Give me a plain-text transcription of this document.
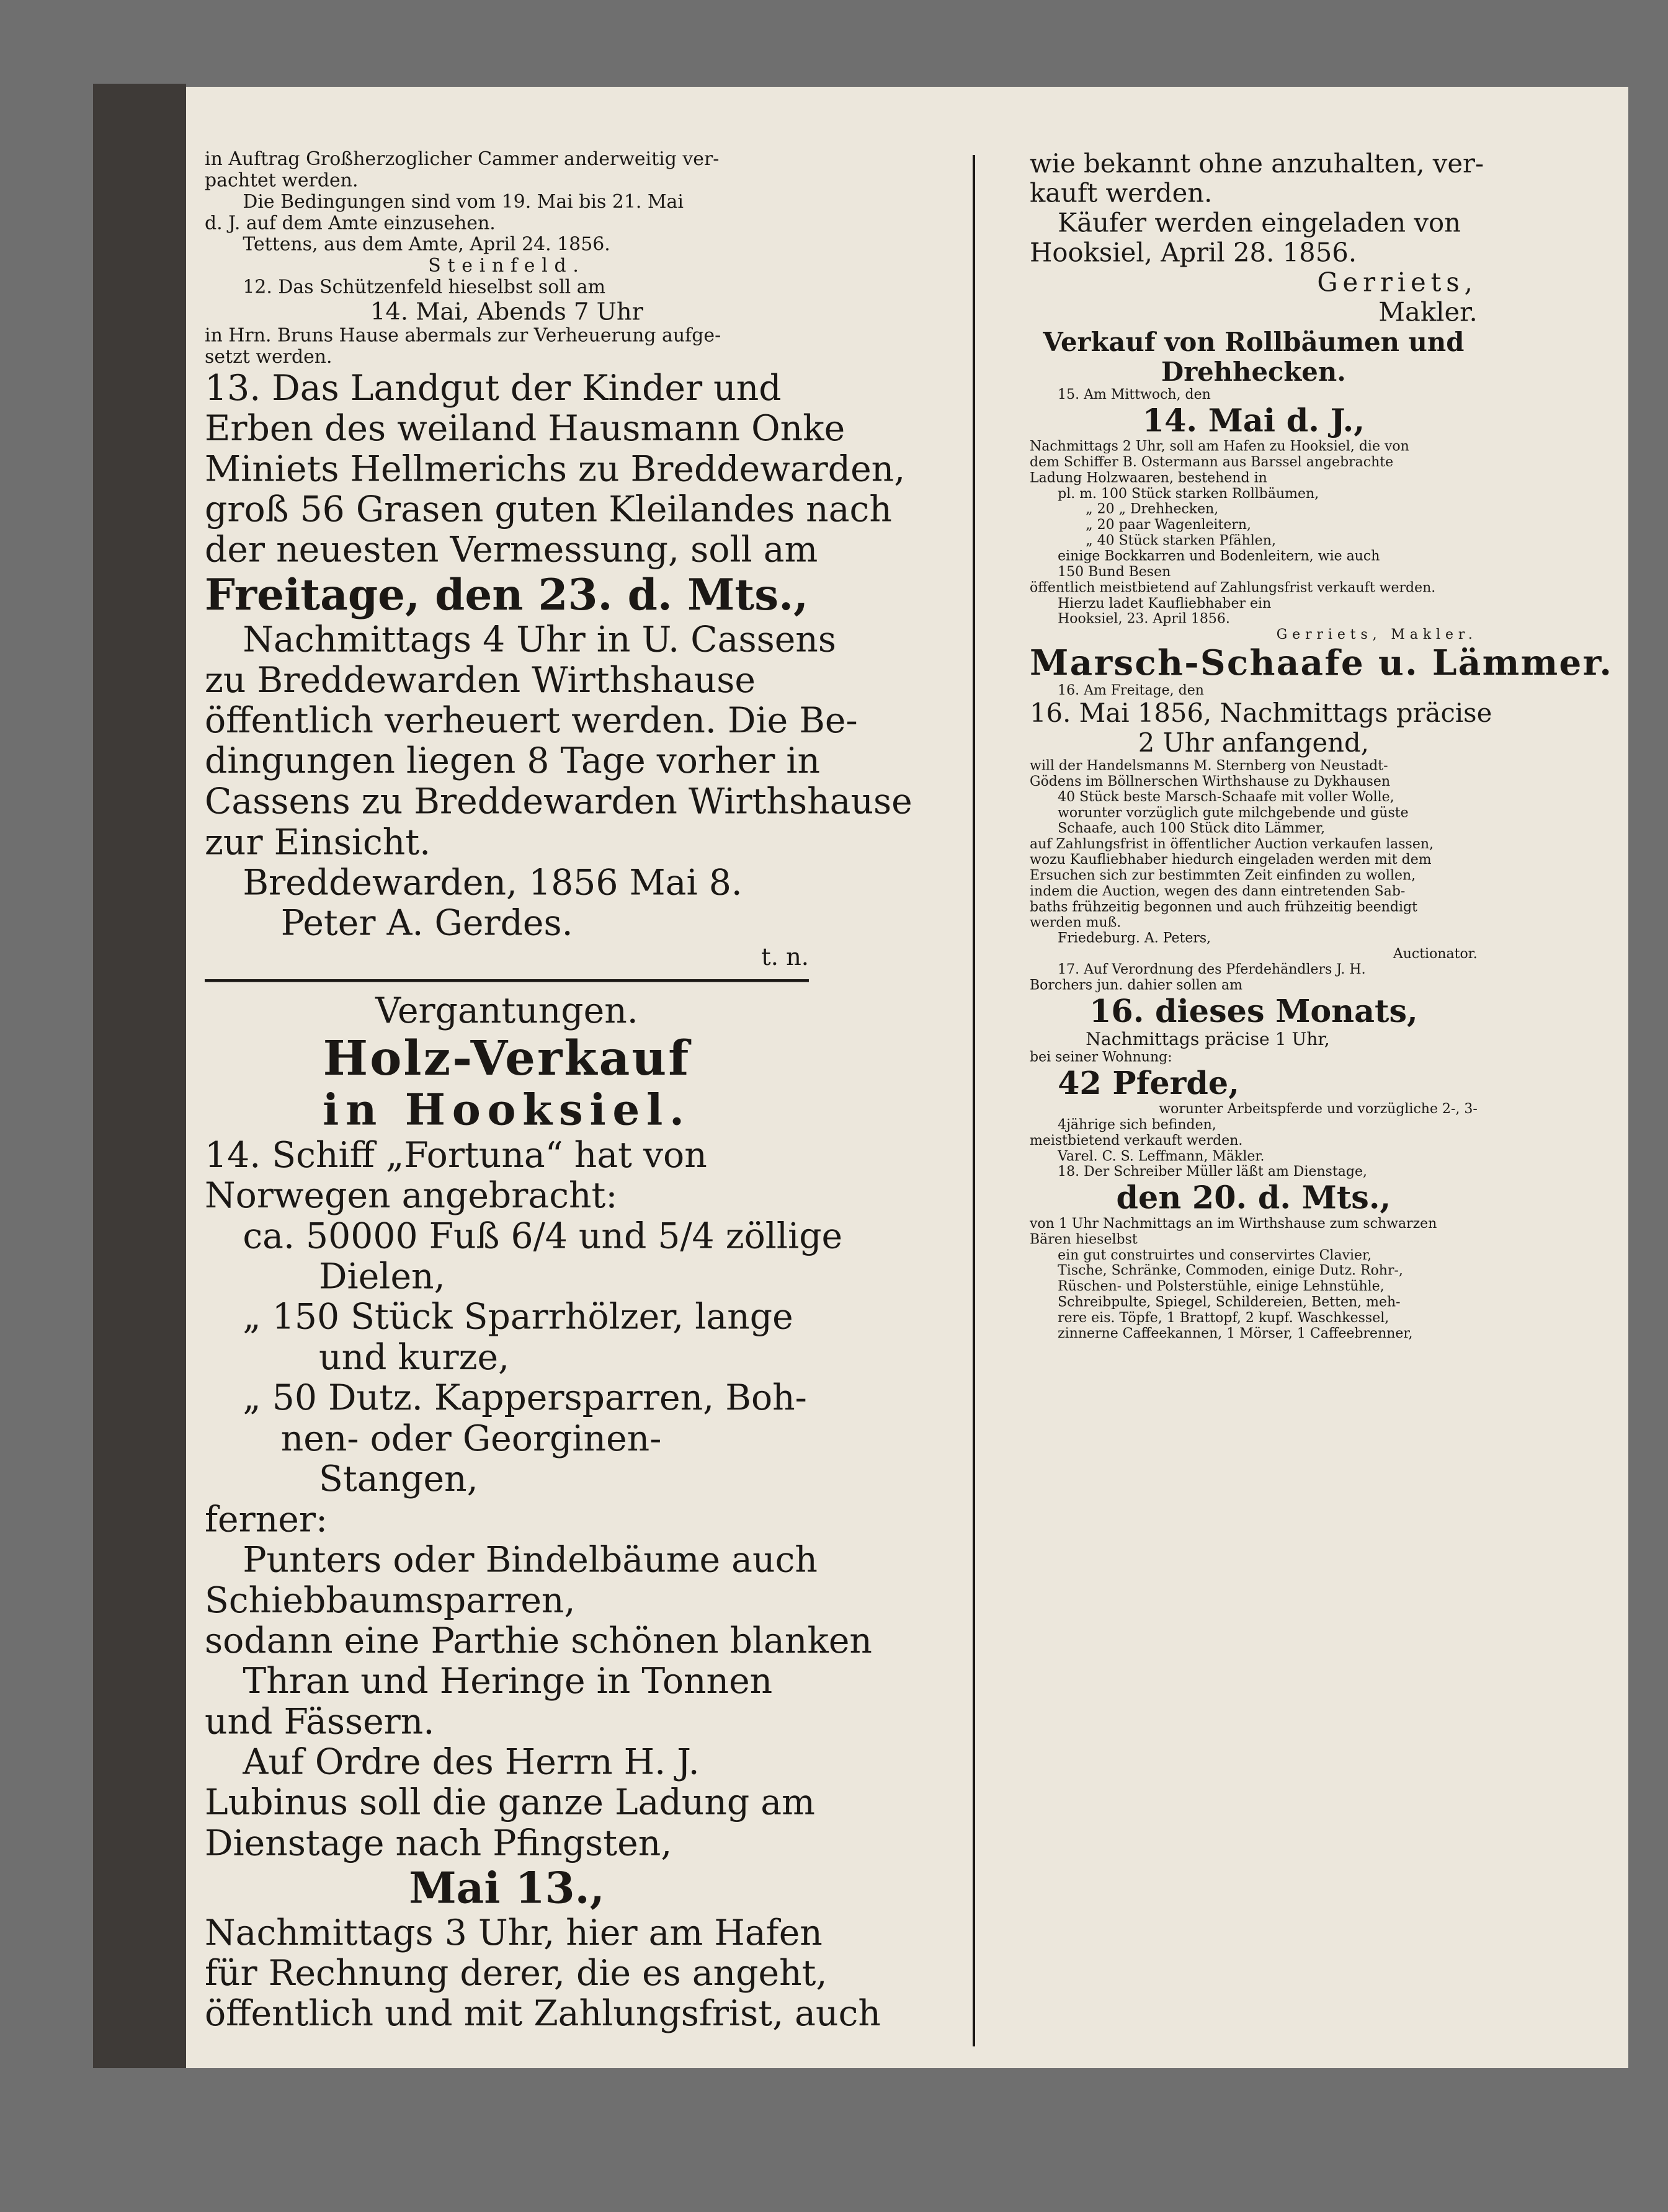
in Auftrag Großherzoglicher Cammer anderweitig ver-
pachtet werden.
Die Bedingungen sind vom 19. Mai bis 21. Mai
d. J. auf dem Amte einzusehen.
Tettens, aus dem Amte, April 24. 1856.
Steinfeld.
12. Das Schützenfeld hieselbst soll am
14. Mai, Abends 7 Uhr
in Hrn. Bruns Hause abermals zur Verheuerung aufge-
setzt werden.
13. Das Landgut der Kinder und
Erben des weiland Hausmann Onke
Miniets Hellmerichs zu Breddewarden,
groß 56 Grasen guten Kleilandes nach
der neuesten Vermessung, soll am
Freitage, den 23. d. Mts.,
Nachmittags 4 Uhr in U. Cassens
zu Breddewarden Wirthshause
öffentlich verheuert werden. Die Be-
dingungen liegen 8 Tage vorher in
Cassens zu Breddewarden Wirthshause
zur Einsicht.
Breddewarden, 1856 Mai 8.
Peter A. Gerdes.
t. n.
Vergantungen.
Holz-Verkauf
in Hooksiel.
14. Schiff „Fortuna“ hat von
Norwegen angebracht:
ca. 50000 Fuß 6/4 und 5/4 zöllige
Dielen,
„ 150 Stück Sparrhölzer, lange
und kurze,
„ 50 Dutz. Kappersparren, Boh-
nen- oder Georginen-
Stangen,
ferner:
Punters oder Bindelbäume auch
Schiebbaumsparren,
sodann eine Parthie schönen blanken
Thran und Heringe in Tonnen
und Fässern.
Auf Ordre des Herrn H. J.
Lubinus soll die ganze Ladung am
Dienstage nach Pfingsten,
Mai 13.,
Nachmittags 3 Uhr, hier am Hafen
für Rechnung derer, die es angeht,
öffentlich und mit Zahlungsfrist, auch
wie bekannt ohne anzuhalten, ver-
kauft werden.
Käufer werden eingeladen von
Hooksiel, April 28. 1856.
Gerriets,
Makler.
Verkauf von Rollbäumen und
Drehhecken.
15. Am Mittwoch, den
14. Mai d. J.,
Nachmittags 2 Uhr, soll am Hafen zu Hooksiel, die von
dem Schiffer B. Ostermann aus Barssel angebrachte
Ladung Holzwaaren, bestehend in
pl. m. 100 Stück starken Rollbäumen,
„ 20 „ Drehhecken,
„ 20 paar Wagenleitern,
„ 40 Stück starken Pfählen,
einige Bockkarren und Bodenleitern, wie auch
150 Bund Besen
öffentlich meistbietend auf Zahlungsfrist verkauft werden.
Hierzu ladet Kaufliebhaber ein
Hooksiel, 23. April 1856.
Gerriets, Makler.
Marsch-Schaafe u. Lämmer.
16. Am Freitage, den
16. Mai 1856, Nachmittags präcise
2 Uhr anfangend,
will der Handelsmanns M. Sternberg von Neustadt-
Gödens im Böllnerschen Wirthshause zu Dykhausen
40 Stück beste Marsch-Schaafe mit voller Wolle,
worunter vorzüglich gute milchgebende und güste
Schaafe, auch 100 Stück dito Lämmer,
auf Zahlungsfrist in öffentlicher Auction verkaufen lassen,
wozu Kaufliebhaber hiedurch eingeladen werden mit dem
Ersuchen sich zur bestimmten Zeit einfinden zu wollen,
indem die Auction, wegen des dann eintretenden Sab-
baths frühzeitig begonnen und auch frühzeitig beendigt
werden muß.
Friedeburg. A. Peters,
Auctionator.
17. Auf Verordnung des Pferdehändlers J. H.
Borchers jun. dahier sollen am
16. dieses Monats,
Nachmittags präcise 1 Uhr,
bei seiner Wohnung:
42 Pferde,
worunter Arbeitspferde und vorzügliche 2-, 3-
4jährige sich befinden,
meistbietend verkauft werden.
Varel. C. S. Leffmann, Mäkler.
18. Der Schreiber Müller läßt am Dienstage,
den 20. d. Mts.,
von 1 Uhr Nachmittags an im Wirthshause zum schwarzen
Bären hieselbst
ein gut construirtes und conservirtes Clavier,
Tische, Schränke, Commoden, einige Dutz. Rohr-,
Rüschen- und Polsterstühle, einige Lehnstühle,
Schreibpulte, Spiegel, Schildereien, Betten, meh-
rere eis. Töpfe, 1 Brattopf, 2 kupf. Waschkessel,
zinnerne Caffeekannen, 1 Mörser, 1 Caffeebrenner,
